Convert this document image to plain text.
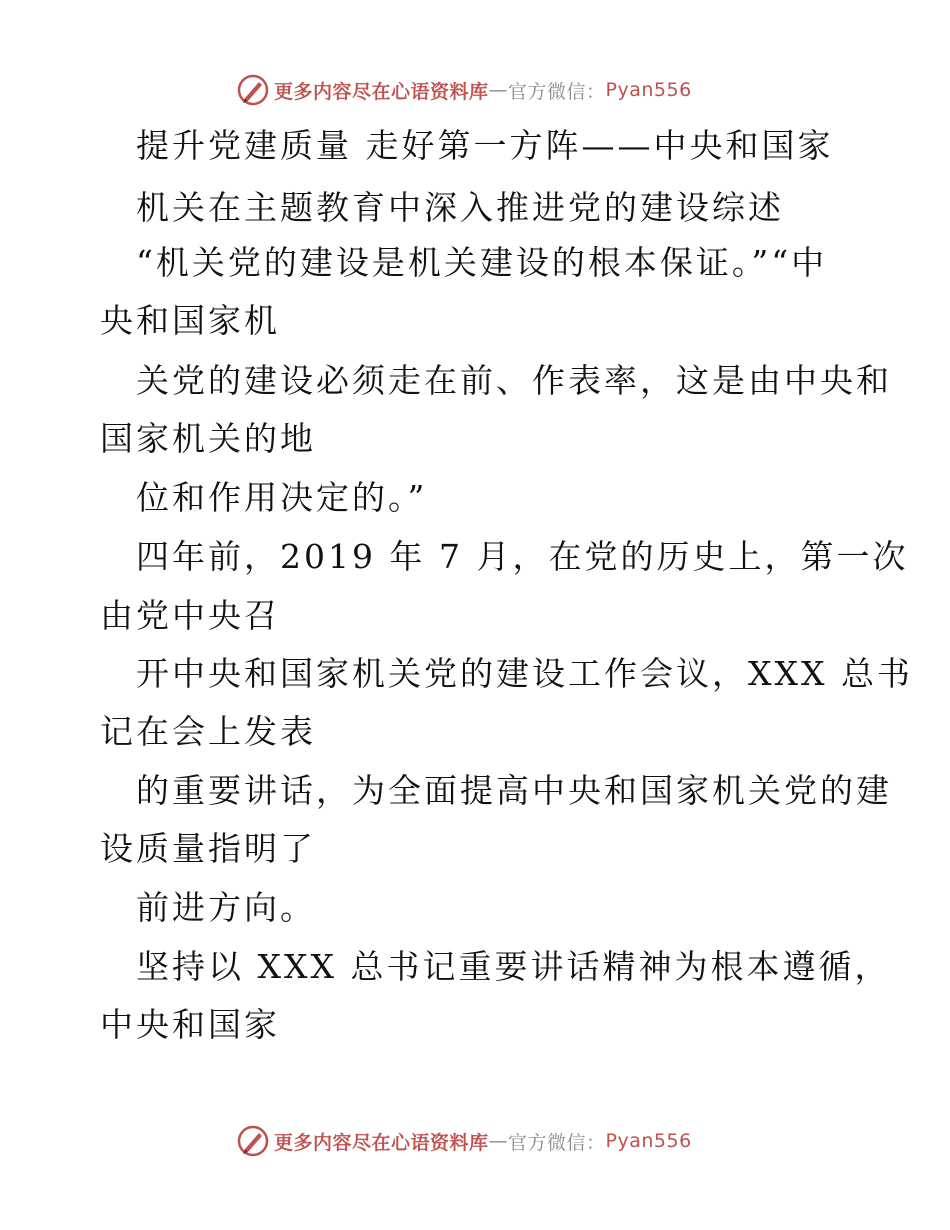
更多内容尽在心语资料库 — 官方微信： Pyan556
提升党建质量 走好第一方阵——中央和国家
机关在主题教育中深入推进党的建设综述
“机关党的建设是机关建设的根本保证。”“中
央和国家机
关党的建设必须走在前、作表率，这是由中央和
国家机关的地
位和作用决定的。”
四年前，2019 年 7 月，在党的历史上，第一次
由党中央召
开中央和国家机关党的建设工作会议，XXX 总书
记在会上发表
的重要讲话，为全面提高中央和国家机关党的建
设质量指明了
前进方向。
坚持以 XXX 总书记重要讲话精神为根本遵循，
中央和国家
更多内容尽在心语资料库 — 官方微信： Pyan556
